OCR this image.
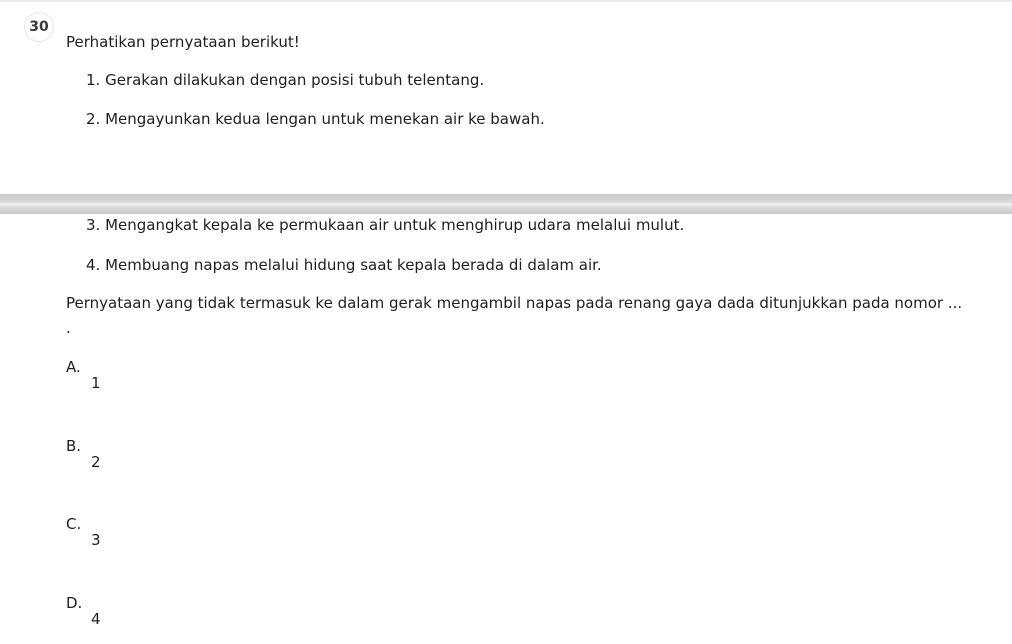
30
Perhatikan pernyataan berikut!
1. Gerakan dilakukan dengan posisi tubuh telentang.
2. Mengayunkan kedua lengan untuk menekan air ke bawah.
3. Mengangkat kepala ke permukaan air untuk menghirup udara melalui mulut.
4. Membuang napas melalui hidung saat kepala berada di dalam air.
Pernyataan yang tidak termasuk ke dalam gerak mengambil napas pada renang gaya dada ditunjukkan pada nomor ... .
A.
1
B.
2
C.
3
D.
4
